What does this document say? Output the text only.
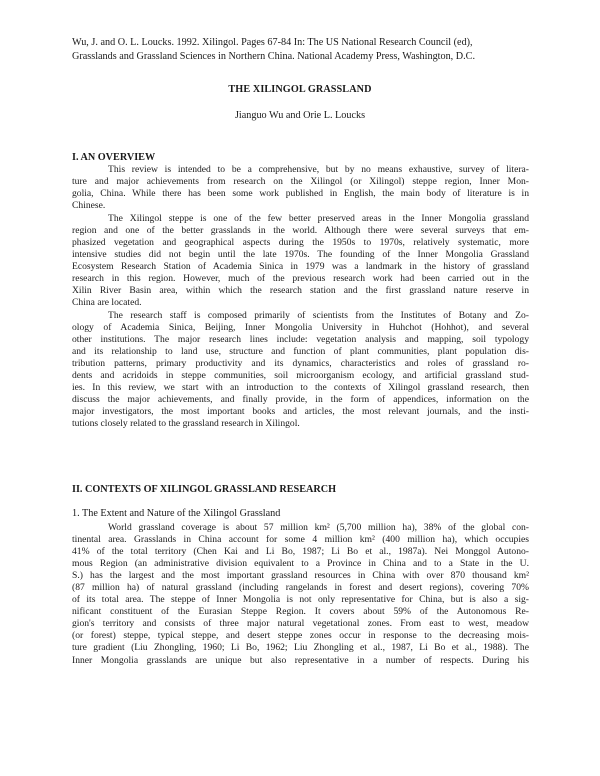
Wu, J. and O. L. Loucks. 1992. Xilingol. Pages 67-84 In: The US National Research Council (ed),
Grasslands and Grassland Sciences in Northern China. National Academy Press, Washington, D.C.
THE XILINGOL GRASSLAND
Jianguo Wu and Orie L. Loucks
I. AN OVERVIEW
This review is intended to be a comprehensive, but by no means exhaustive, survey of litera-
ture and major achievements from research on the Xilingol (or Xilingol) steppe region, Inner Mon-
golia, China. While there has been some work published in English, the main body of literature is in
Chinese.
The Xilingol steppe is one of the few better preserved areas in the Inner Mongolia grassland
region and one of the better grasslands in the world. Although there were several surveys that em-
phasized vegetation and geographical aspects during the 1950s to 1970s, relatively systematic, more
intensive studies did not begin until the late 1970s. The founding of the Inner Mongolia Grassland
Ecosystem Research Station of Academia Sinica in 1979 was a landmark in the history of grassland
research in this region. However, much of the previous research work had been carried out in the
Xilin River Basin area, within which the research station and the first grassland nature reserve in
China are located.
The research staff is composed primarily of scientists from the Institutes of Botany and Zo-
ology of Academia Sinica, Beijing, Inner Mongolia University in Huhchot (Hohhot), and several
other institutions. The major research lines include: vegetation analysis and mapping, soil typology
and its relationship to land use, structure and function of plant communities, plant population dis-
tribution patterns, primary productivity and its dynamics, characteristics and roles of grassland ro-
dents and acridoids in steppe communities, soil microorganism ecology, and artificial grassland stud-
ies. In this review, we start with an introduction to the contexts of Xilingol grassland research, then
discuss the major achievements, and finally provide, in the form of appendices, information on the
major investigators, the most important books and articles, the most relevant journals, and the insti-
tutions closely related to the grassland research in Xilingol.
II. CONTEXTS OF XILINGOL GRASSLAND RESEARCH
1. The Extent and Nature of the Xilingol Grassland
World grassland coverage is about 57 million km² (5,700 million ha), 38% of the global con-
tinental area. Grasslands in China account for some 4 million km² (400 million ha), which occupies
41% of the total territory (Chen Kai and Li Bo, 1987; Li Bo et al., 1987a). Nei Monggol Autono-
mous Region (an administrative division equivalent to a Province in China and to a State in the U.
S.) has the largest and the most important grassland resources in China with over 870 thousand km²
(87 million ha) of natural grassland (including rangelands in forest and desert regions), covering 70%
of its total area. The steppe of Inner Mongolia is not only representative for China, but is also a sig-
nificant constituent of the Eurasian Steppe Region. It covers about 59% of the Autonomous Re-
gion's territory and consists of three major natural vegetational zones. From east to west, meadow
(or forest) steppe, typical steppe, and desert steppe zones occur in response to the decreasing mois-
ture gradient (Liu Zhongling, 1960; Li Bo, 1962; Liu Zhongling et al., 1987, Li Bo et al., 1988). The
Inner Mongolia grasslands are unique but also representative in a number of respects. During his
